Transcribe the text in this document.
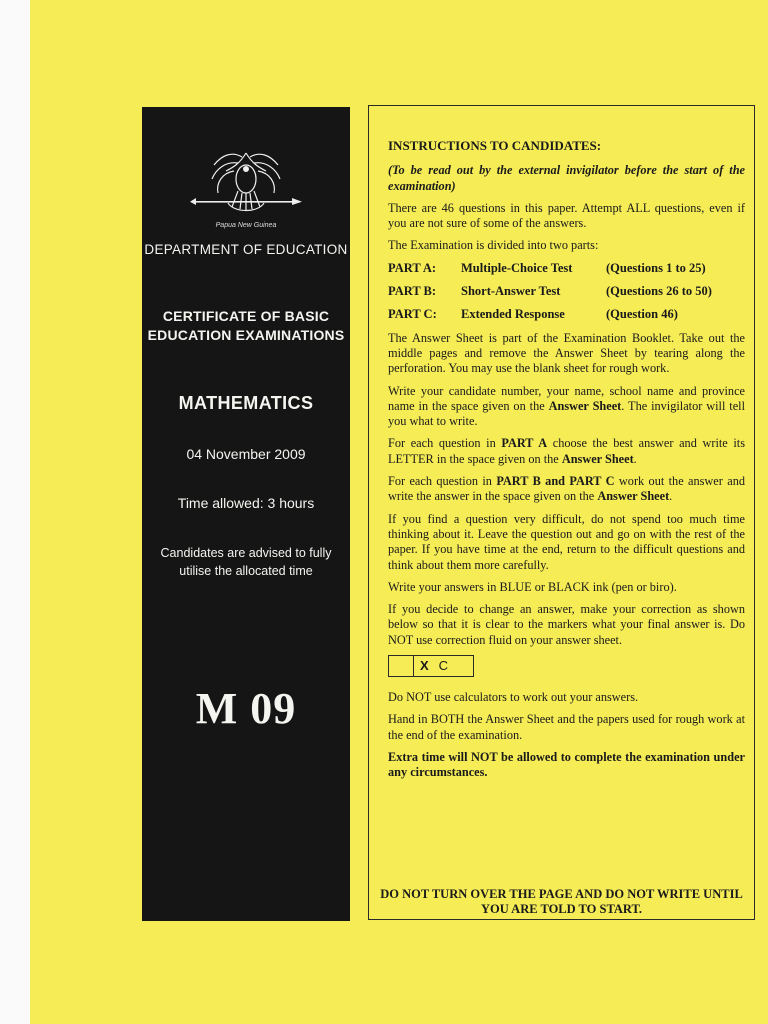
Papua New Guinea
DEPARTMENT OF EDUCATION
CERTIFICATE OF BASIC EDUCATION EXAMINATIONS
MATHEMATICS
04 November 2009
Time allowed: 3 hours
Candidates are advised to fully utilise the allocated time
M 09

INSTRUCTIONS TO CANDIDATES:

(To be read out by the external invigilator before the start of the examination)

There are 46 questions in this paper. Attempt ALL questions, even if you are not sure of some of the answers.

The Examination is divided into two parts:

PART A:	Multiple-Choice Test	(Questions 1 to 25)
PART B:	Short-Answer Test	(Questions 26 to 50)
PART C:	Extended Response	(Question 46)

The Answer Sheet is part of the Examination Booklet. Take out the middle pages and remove the Answer Sheet by tearing along the perforation. You may use the blank sheet for rough work.

Write your candidate number, your name, school name and province name in the space given on the Answer Sheet. The invigilator will tell you what to write.

For each question in PART A choose the best answer and write its LETTER in the space given on the Answer Sheet.

For each question in PART B and PART C work out the answer and write the answer in the space given on the Answer Sheet.

If you find a question very difficult, do not spend too much time thinking about it. Leave the question out and go on with the rest of the paper. If you have time at the end, return to the difficult questions and think about them more carefully.

Write your answers in BLUE or BLACK ink (pen or biro).

If you decide to change an answer, make your correction as shown below so that it is clear to the markers what your final answer is. Do NOT use correction fluid on your answer sheet.

X C

Do NOT use calculators to work out your answers.

Hand in BOTH the Answer Sheet and the papers used for rough work at the end of the examination.

Extra time will NOT be allowed to complete the examination under any circumstances.

DO NOT TURN OVER THE PAGE AND DO NOT WRITE UNTIL YOU ARE TOLD TO START.
